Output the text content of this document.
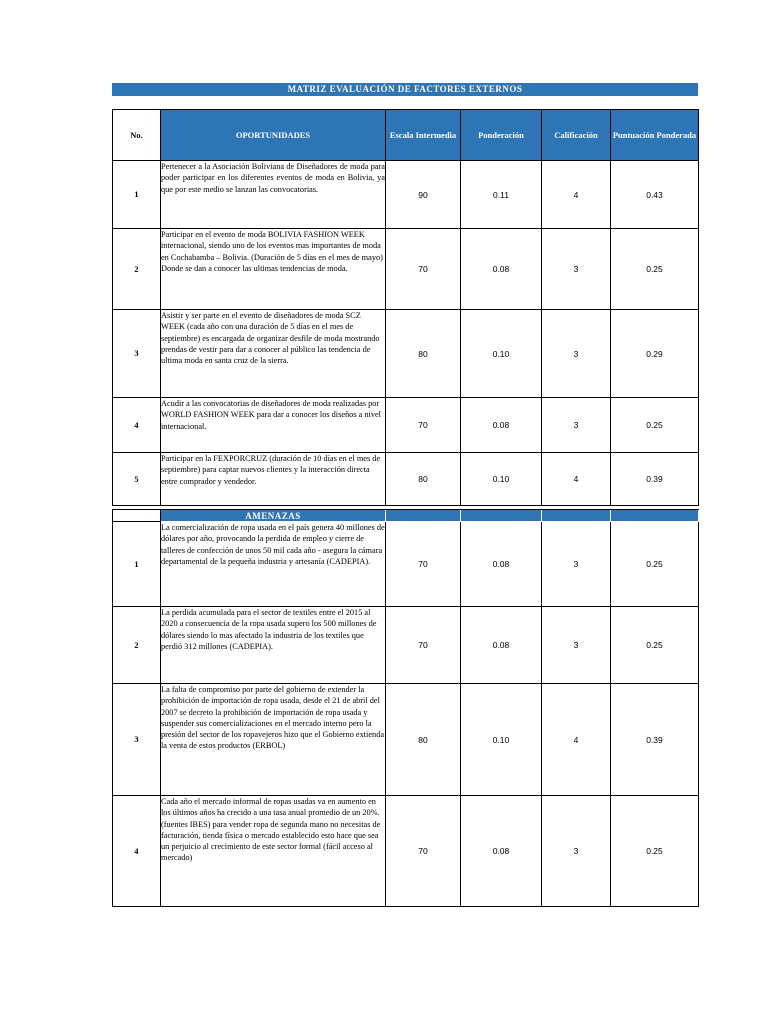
MATRIZ EVALUACIÓN DE FACTORES EXTERNOS
No.	OPORTUNIDADES	Escala Intermedia	Ponderación	Calificación	Puntuación Ponderada
1	Pertenecer a la Asociación Boliviana de Diseñadores de moda para poder participar en los diferentes eventos de moda en Bolivia, ya que por este medio se lanzan las convocatorias.	90	0.11	4	0.43
2	Participar en el evento de moda BOLIVIA FASHION WEEK internacional, siendo uno de los eventos mas importantes de moda en Cochabamba – Bolivia. (Duración de 5 días en el mes de mayo) Donde se dan a conocer las ultimas tendencias de moda.	70	0.08	3	0.25
3	Asistir y ser parte en el evento de diseñadores de moda SCZ WEEK (cada año con una duración de 5 días en el mes de septiembre) es encargada de organizar desfile de moda mostrando prendas de vestir para dar a conocer al público las tendencia de ultima moda en santa cruz de la sierra.	80	0.10	3	0.29
4	Acudir a las convocatorias de diseñadores de moda realizadas por WORLD FASHION WEEK para dar a conocer los diseños a nivel internacional.	70	0.08	3	0.25
5	Participar en la FEXPORCRUZ (duración de 10 días en el mes de septiembre) para captar nuevos clientes y la interacción directa entre comprador y vendedor.	80	0.10	4	0.39

	AMENAZAS				
1	La comercialización de ropa usada en el país genera 40 millones de dólares por año, provocando la perdida de empleo y cierre de talleres de confección de unos 50 mil cada año - asegura la cámara departamental de la pequeña industria y artesanía (CADEPIA).	70	0.08	3	0.25
2	La perdida acumulada para el sector de textiles entre el 2015 al 2020 a consecuencia de la ropa usada supero los 500 millones de dólares siendo lo mas afectado la industria de los textiles que perdió 312 millones (CADEPIA).	70	0.08	3	0.25
3	La falta de compromiso por parte del gobierno de extender la prohibición de importación de ropa usada, desde el 21 de abril del 2007 se decreto la prohibición de importación de ropa usada y suspender sus comercializaciones en el mercado interno pero la presión del sector de los ropavejeros hizo que el Gobierno extienda la venta de estos productos (ERBOL)	80	0.10	4	0.39
4	Cada año el mercado informal de ropas usadas va en aumento en los últimos años ha crecido a una tasa anual promedio de un 20%. (fuentes IBES) para vender ropa de segunda mano no necesitas de facturación, tienda física o mercado establecido esto hace que sea un perjuicio al crecimiento de este sector formal (fácil acceso al mercado)	70	0.08	3	0.25
